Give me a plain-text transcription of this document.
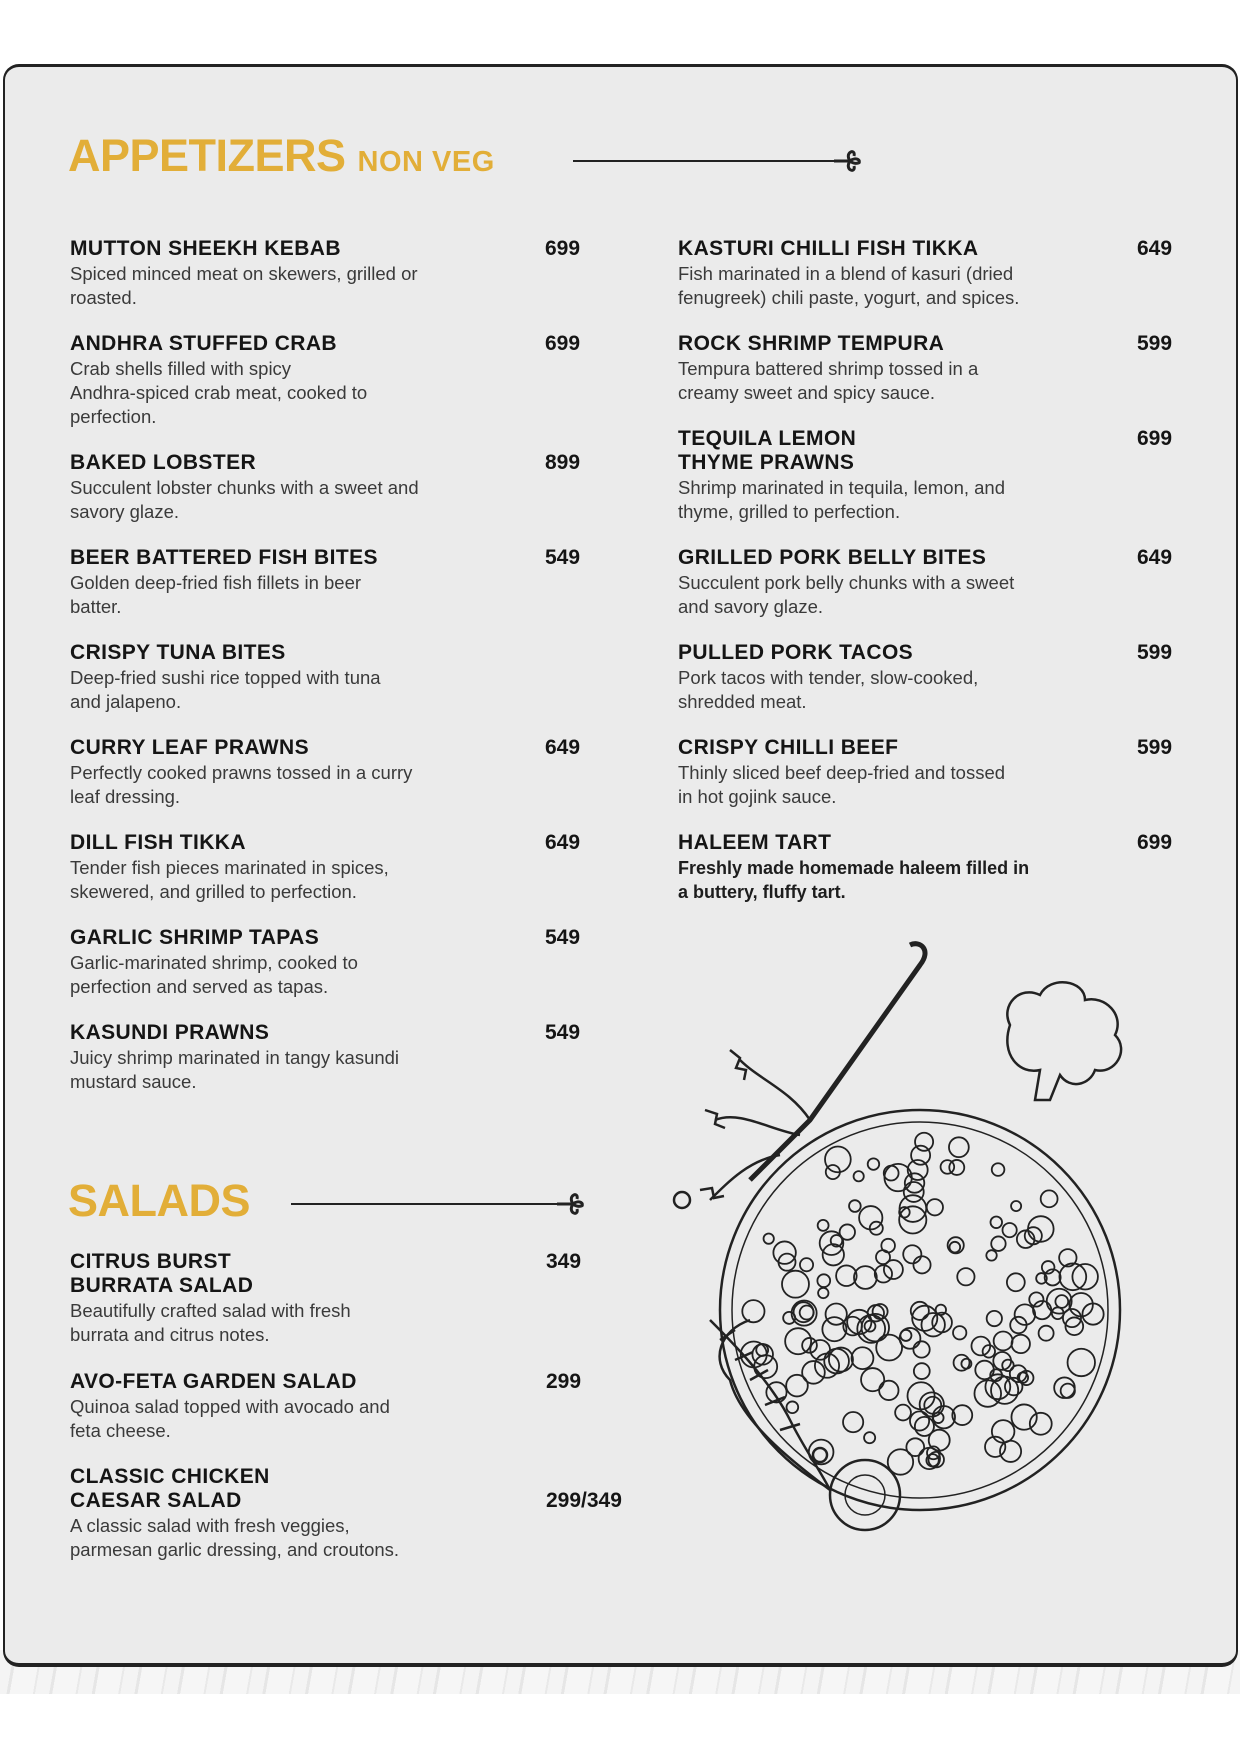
APPETIZERS NON VEG
MUTTON SHEEKH KEBAB
Spiced minced meat on skewers, grilled or
roasted.
699
ANDHRA STUFFED CRAB
Crab shells filled with spicy
Andhra-spiced crab meat, cooked to
perfection.
699
BAKED LOBSTER
Succulent lobster chunks with a sweet and
savory glaze.
899
BEER BATTERED FISH BITES
Golden deep-fried fish fillets in beer
batter.
549
CRISPY TUNA BITES
Deep-fried sushi rice topped with tuna
and jalapeno.
CURRY LEAF PRAWNS
Perfectly cooked prawns tossed in a curry
leaf dressing.
649
DILL FISH TIKKA
Tender fish pieces marinated in spices,
skewered, and grilled to perfection.
649
GARLIC SHRIMP TAPAS
Garlic-marinated shrimp, cooked to
perfection and served as tapas.
549
KASUNDI PRAWNS
Juicy shrimp marinated in tangy kasundi
mustard sauce.
549
KASTURI CHILLI FISH TIKKA
Fish marinated in a blend of kasuri (dried
fenugreek) chili paste, yogurt, and spices.
649
ROCK SHRIMP TEMPURA
Tempura battered shrimp tossed in a
creamy sweet and spicy sauce.
599
TEQUILA LEMON
THYME PRAWNS
Shrimp marinated in tequila, lemon, and
thyme, grilled to perfection.
699
GRILLED PORK BELLY BITES
Succulent pork belly chunks with a sweet
and savory glaze.
649
PULLED PORK TACOS
Pork tacos with tender, slow-cooked,
shredded meat.
599
CRISPY CHILLI BEEF
Thinly sliced beef deep-fried and tossed
in hot gojink sauce.
599
HALEEM TART
Freshly made homemade haleem filled in
a buttery, fluffy tart.
699
SALADS
CITRUS BURST
BURRATA SALAD
Beautifully crafted salad with fresh
burrata and citrus notes.
349
AVO-FETA GARDEN SALAD
Quinoa salad topped with avocado and
feta cheese.
299
CLASSIC CHICKEN
CAESAR SALAD
A classic salad with fresh veggies,
parmesan garlic dressing, and croutons.
299/349
